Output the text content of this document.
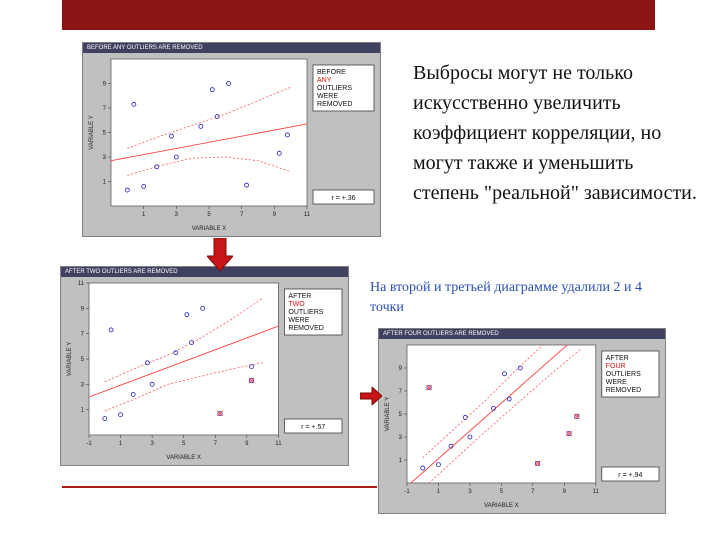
Выбросы могут не только искусственно увеличить коэффициент корреляции, но могут также и уменьшить степень "реальной" зависимости.
На второй и третьей диаграмме удалили 2 и 4 точки
BEFORE ANY OUTLIERS ARE REMOVED
1	3	5	7	9	11
1
3
5
7
9
VARIABLE X
VARIABLE Y
BEFORE
ANY
OUTLIERS
WERE
REMOVED
r = +.36
AFTER TWO OUTLIERS ARE REMOVED
-1	1	3	5	7	9	11
1
3
5
7
9
11
VARIABLE X
VARIABLE Y
AFTER
TWO
OUTLIERS
WERE
REMOVED
r = +.57
AFTER FOUR OUTLIERS ARE REMOVED
-1	1	3	5	7	9	11
1
3
5
7
9
VARIABLE X
VARIABLE Y
AFTER
FOUR
OUTLIERS
WERE
REMOVED
r = +.94
